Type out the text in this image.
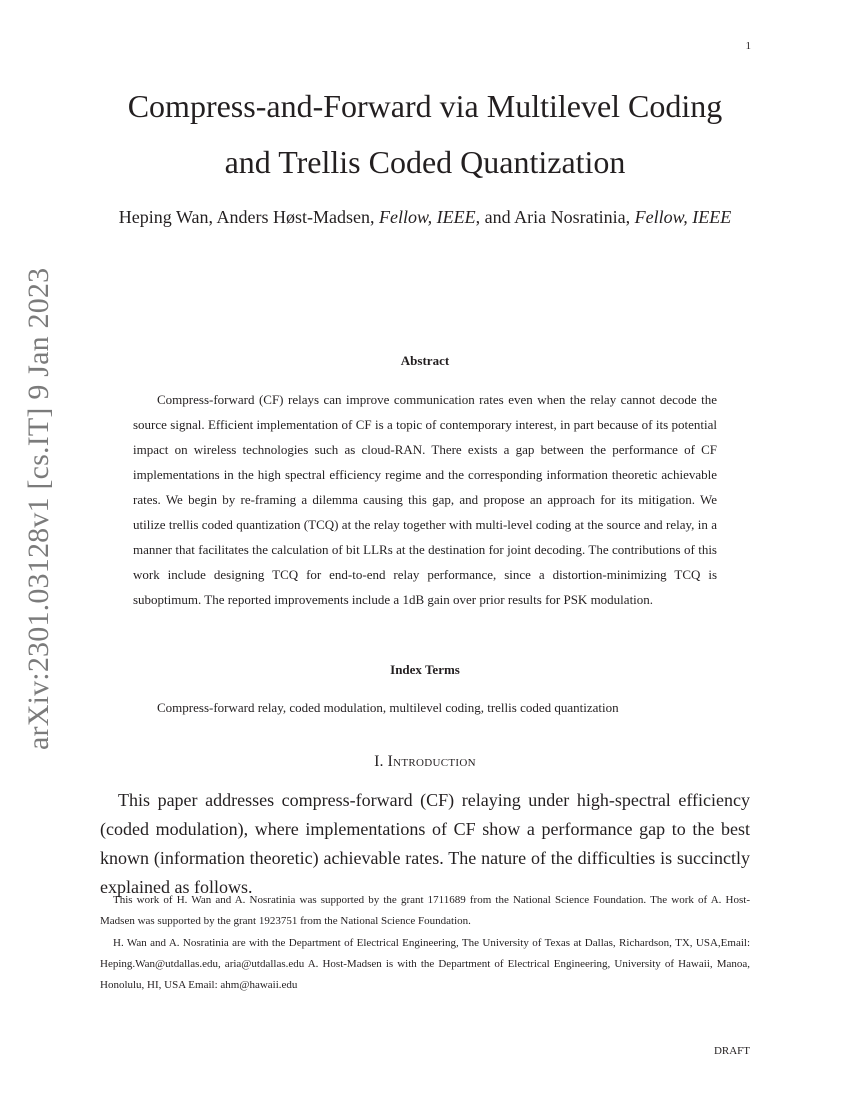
1
arXiv:2301.03128v1 [cs.IT] 9 Jan 2023
Compress-and-Forward via Multilevel Coding
and Trellis Coded Quantization
Heping Wan, Anders Høst-Madsen, Fellow, IEEE, and Aria Nosratinia, Fellow, IEEE
Abstract
Compress-forward (CF) relays can improve communication rates even when the relay cannot decode the source signal. Efficient implementation of CF is a topic of contemporary interest, in part because of its potential impact on wireless technologies such as cloud-RAN. There exists a gap between the performance of CF implementations in the high spectral efficiency regime and the corresponding information theoretic achievable rates. We begin by re-framing a dilemma causing this gap, and propose an approach for its mitigation. We utilize trellis coded quantization (TCQ) at the relay together with multi-level coding at the source and relay, in a manner that facilitates the calculation of bit LLRs at the destination for joint decoding. The contributions of this work include designing TCQ for end-to-end relay performance, since a distortion-minimizing TCQ is suboptimum. The reported improvements include a 1dB gain over prior results for PSK modulation.
Index Terms
Compress-forward relay, coded modulation, multilevel coding, trellis coded quantization
I. Introduction
This paper addresses compress-forward (CF) relaying under high-spectral efficiency (coded modulation), where implementations of CF show a performance gap to the best known (information theoretic) achievable rates. The nature of the difficulties is succinctly explained as follows.
This work of H. Wan and A. Nosratinia was supported by the grant 1711689 from the National Science Foundation. The work of A. Host-Madsen was supported by the grant 1923751 from the National Science Foundation.
H. Wan and A. Nosratinia are with the Department of Electrical Engineering, The University of Texas at Dallas, Richardson, TX, USA,Email: Heping.Wan@utdallas.edu, aria@utdallas.edu A. Host-Madsen is with the Department of Electrical Engineering, University of Hawaii, Manoa, Honolulu, HI, USA Email: ahm@hawaii.edu
DRAFT
